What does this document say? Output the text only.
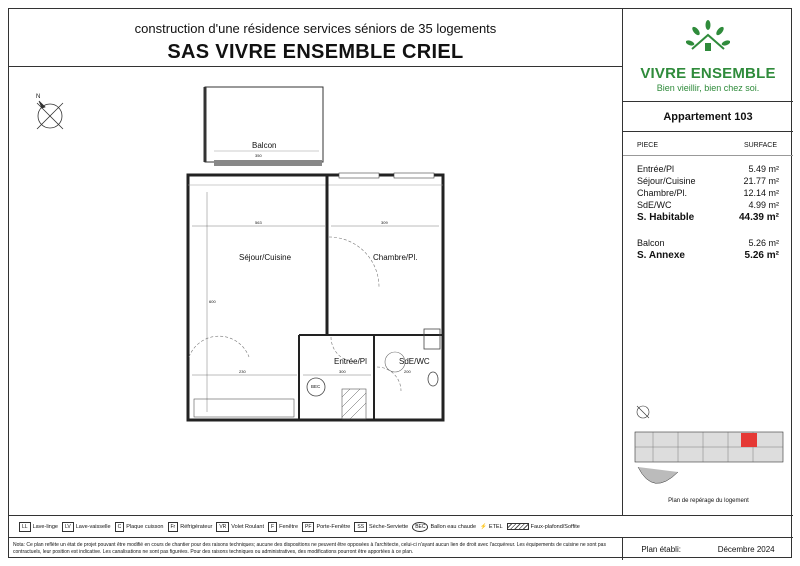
construction d'une résidence services séniors de 35 logements
SAS VIVRE ENSEMBLE CRIEL
Balcon
Séjour/Cuisine	Chambre/Pl.
Entrée/Pl	SdE/WC
BEC
N
350
563	309
600
230	300	200
VIVRE ENSEMBLE
Bien vieillir, bien chez soi.
Appartement 103
PIECE	SURFACE
Entrée/Pl	5.49 m²
Séjour/Cuisine	21.77 m²
Chambre/Pl.	12.14 m²
SdE/WC	4.99 m²
S. Habitable	44.39 m²
Balcon	5.26 m²
S. Annexe	5.26 m²
Plan de repérage du logement
LL Lave-linge	LV Lave-vaisselle	C Plaque cuisson	Fr Réfrigérateur	VR Volet Roulant	F Fenêtre	PF Porte-Fenêtre	SS Sèche-Serviette	BEC Ballon eau chaude ⚡ ETEL	Faux-plafond/Soffite
Nota: Ce plan reflète un état de projet pouvant être modifié en cours de chantier pour des raisons techniques; aucune des dispositions ne peuvent être opposées à l'architecte, celui-ci n'ayant aucun lien de droit avec l'acquéreur. Les équipements de cuisine ne sont pas contractuels, leur position est indicative. Les canalisations ne sont pas figurées. Pour des raisons techniques ou administratives, des modifications pourront être apportées à ce plan.	Plan établi:	Décembre 2024
